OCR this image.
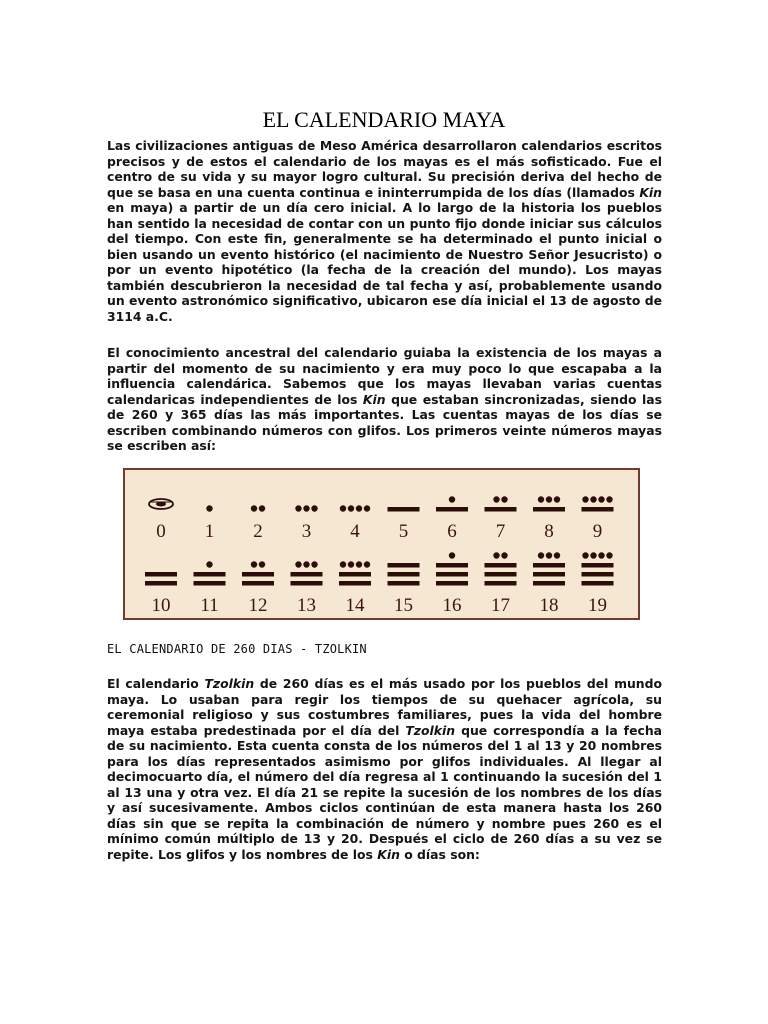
EL CALENDARIO MAYA

Las civilizaciones antiguas de Meso América desarrollaron calendarios escritos precisos y de estos el calendario de los mayas es el más sofisticado. Fue el centro de su vida y su mayor logro cultural. Su precisión deriva del hecho de que se basa en una cuenta continua e ininterrumpida de los días (llamados Kin en maya) a partir de un día cero inicial. A lo largo de la historia los pueblos han sentido la necesidad de contar con un punto fijo donde iniciar sus cálculos del tiempo. Con este fin, generalmente se ha determinado el punto inicial o bien usando un evento histórico (el nacimiento de Nuestro Señor Jesucristo) o por un evento hipotético (la fecha de la creación del mundo). Los mayas también descubrieron la necesidad de tal fecha y así, probablemente usando un evento astronómico significativo, ubicaron ese día inicial el 13 de agosto de 3114 a.C.

El conocimiento ancestral del calendario guiaba la existencia de los mayas a partir del momento de su nacimiento y era muy poco lo que escapaba a la influencia calendárica. Sabemos que los mayas llevaban varias cuentas calendaricas independientes de los Kin que estaban sincronizadas, siendo las de 260 y 365 días las más importantes. Las cuentas mayas de los días se escriben combinando números con glifos. Los primeros veinte números mayas se escriben así:

0 1 2 3 4 5 6 7 8 9
10 11 12 13 14 15 16 17 18 19
EL CALENDARIO DE 260 DIAS - TZOLKIN

El calendario Tzolkin de 260 días es el más usado por los pueblos del mundo maya. Lo usaban para regir los tiempos de su quehacer agrícola, su ceremonial religioso y sus costumbres familiares, pues la vida del hombre maya estaba predestinada por el día del Tzolkin que correspondía a la fecha de su nacimiento. Esta cuenta consta de los números del 1 al 13 y 20 nombres para los días representados asimismo por glifos individuales. Al llegar al decimocuarto día, el número del día regresa al 1 continuando la sucesión del 1 al 13 una y otra vez. El día 21 se repite la sucesión de los nombres de los días y así sucesivamente. Ambos ciclos continúan de esta manera hasta los 260 días sin que se repita la combinación de número y nombre pues 260 es el mínimo común múltiplo de 13 y 20. Después el ciclo de 260 días a su vez se repite. Los glifos y los nombres de los Kin o días son:
